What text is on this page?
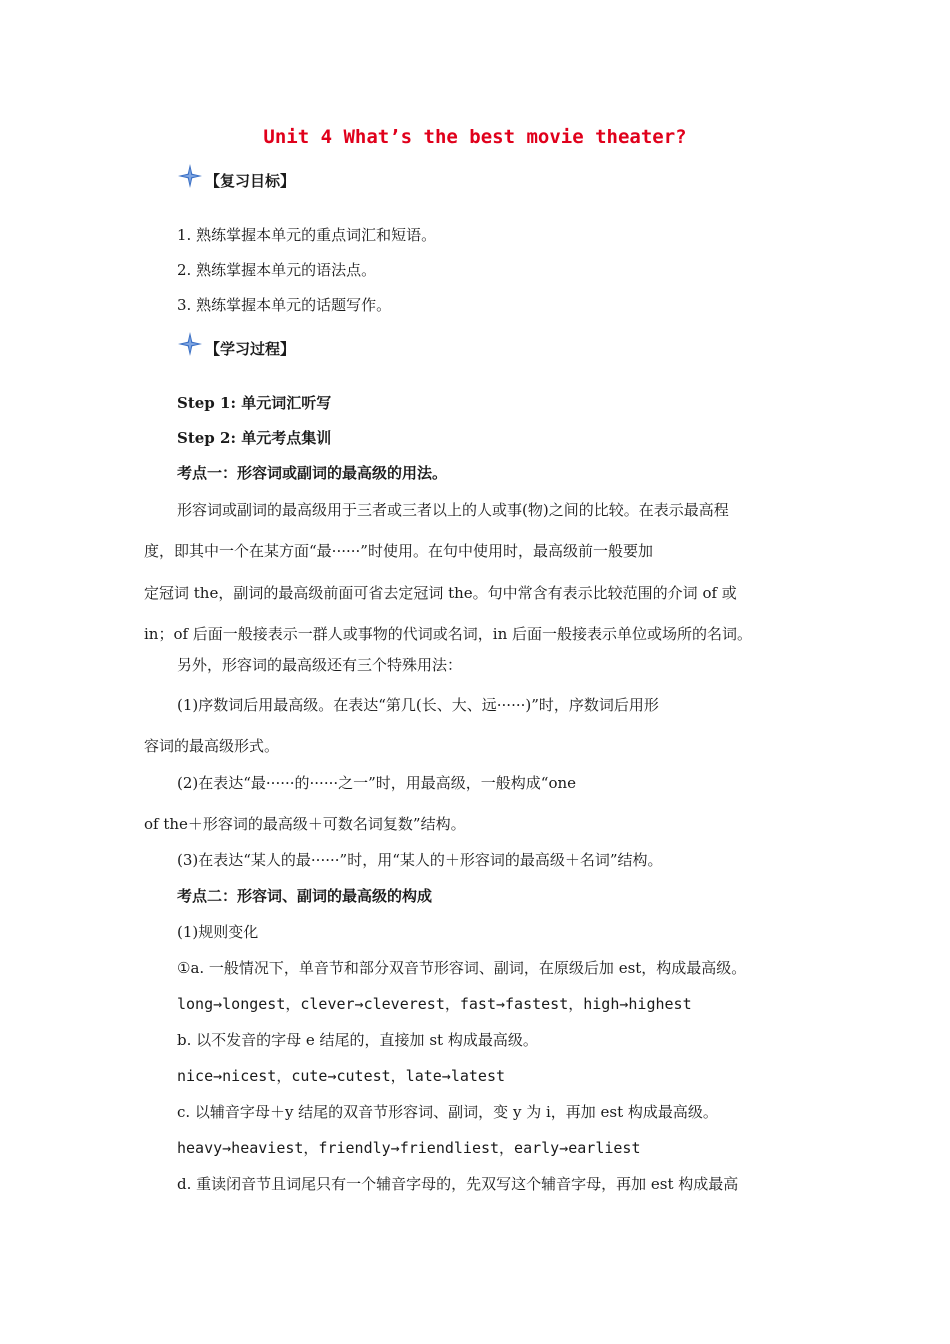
Unit 4 What’s the best movie theater?
【复习目标】
1. 熟练掌握本单元的重点词汇和短语。
2. 熟练掌握本单元的语法点。
3. 熟练掌握本单元的话题写作。
【学习过程】
Step 1: 单元词汇听写
Step 2: 单元考点集训
考点一：形容词或副词的最高级的用法。
形容词或副词的最高级用于三者或三者以上的人或事(物)之间的比较。在表示最高程
度，即其中一个在某方面“最······”时使用。在句中使用时，最高级前一般要加
定冠词 the，副词的最高级前面可省去定冠词 the。句中常含有表示比较范围的介词 of 或
in；of 后面一般接表示一群人或事物的代词或名词，in 后面一般接表示单位或场所的名词。
另外，形容词的最高级还有三个特殊用法：
(1)序数词后用最高级。在表达“第几(长、大、远······)”时，序数词后用形
容词的最高级形式。
(2)在表达“最······的······之一”时，用最高级，一般构成“one
of the＋形容词的最高级＋可数名词复数”结构。
(3)在表达“某人的最······”时，用“某人的＋形容词的最高级＋名词”结构。
考点二：形容词、副词的最高级的构成
(1)规则变化
①a. 一般情况下，单音节和部分双音节形容词、副词，在原级后加 est，构成最高级。
long→longest，clever→cleverest，fast→fastest，high→highest
b. 以不发音的字母 e 结尾的，直接加 st 构成最高级。
nice→nicest，cute→cutest，late→latest
c. 以辅音字母＋y 结尾的双音节形容词、副词，变 y 为 i，再加 est 构成最高级。
heavy→heaviest，friendly→friendliest，early→earliest
d. 重读闭音节且词尾只有一个辅音字母的，先双写这个辅音字母，再加 est 构成最高
